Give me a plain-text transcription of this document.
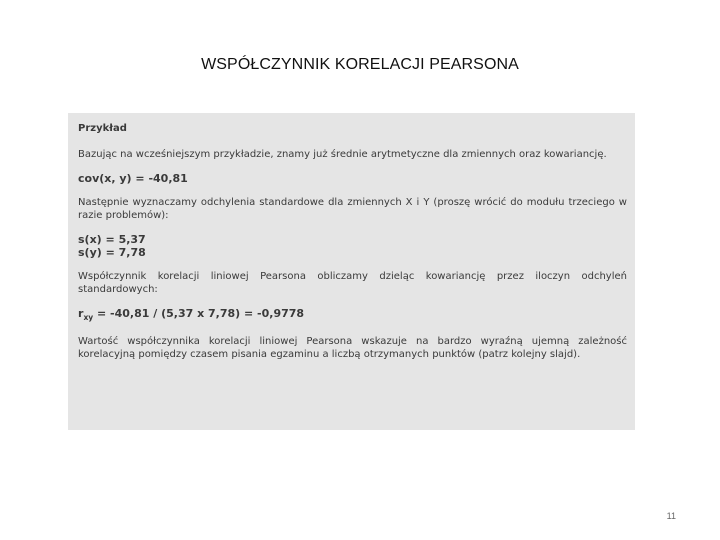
WSPÓŁCZYNNIK KORELACJI PEARSONA
Przykład
Bazując na wcześniejszym przykładzie, znamy już średnie arytmetyczne dla zmiennych oraz kowariancję.
cov(x, y) = -40,81
Następnie wyznaczamy odchylenia standardowe dla zmiennych X i Y (proszę wrócić do modułu trzeciego w razie problemów):
s(x) = 5,37
s(y) = 7,78
Współczynnik korelacji liniowej Pearsona obliczamy dzieląc kowariancję przez iloczyn odchyleń standardowych:
$r_{xy} = -40,81 / (5,37$ x 7,78) = -0,9778
Wartość współczynnika korelacji liniowej Pearsona wskazuje na bardzo wyraźną ujemną zależność korelacyjną pomiędzy czasem pisania egzaminu a liczbą otrzymanych punktów (patrz kolejny slajd).
11
